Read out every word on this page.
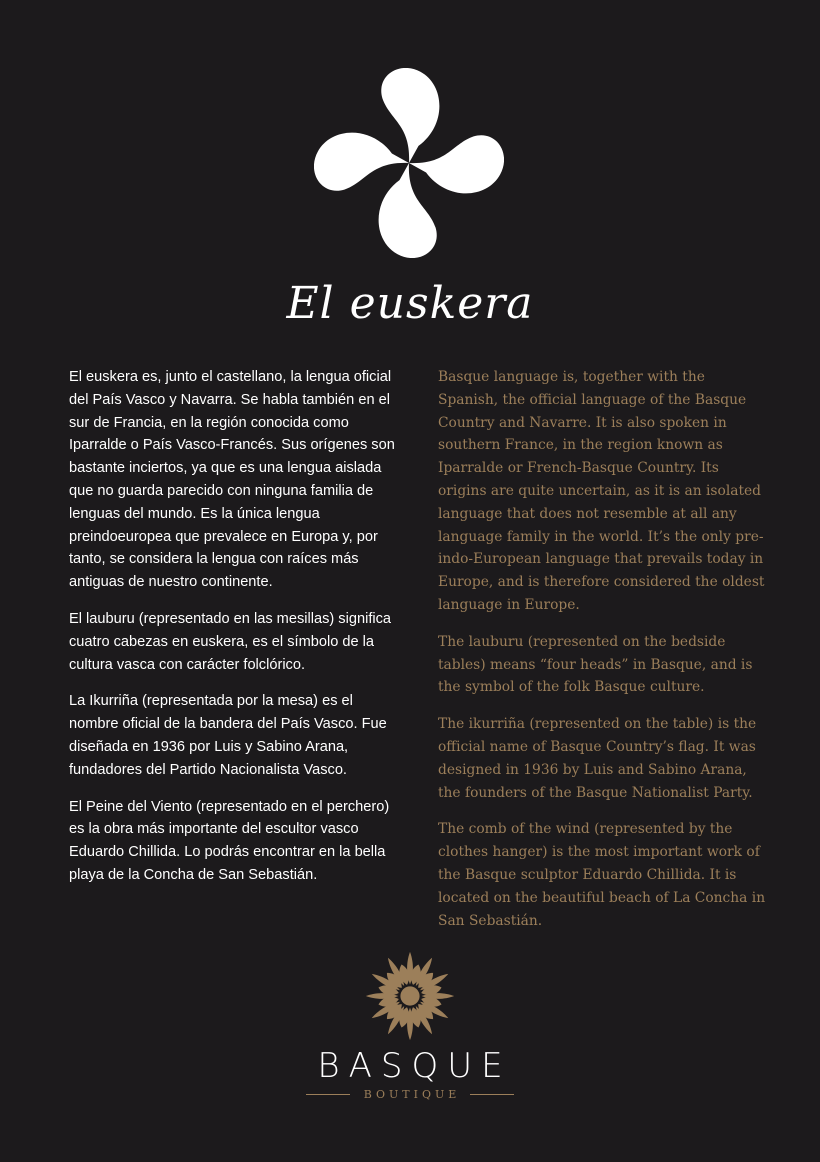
El euskera

El euskera es, junto el castellano, la lengua oficial del País Vasco y Navarra. Se habla también en el sur de Francia, en la región conocida como Iparralde o País Vasco-Francés. Sus orígenes son bastante inciertos, ya que es una lengua aislada que no guarda parecido con ninguna familia de lenguas del mundo. Es la única lengua preindoeuropea que prevalece en Europa y, por tanto, se considera la lengua con raíces más antiguas de nuestro continente.

El lauburu (representado en las mesillas) significa cuatro cabezas en euskera, es el símbolo de la cultura vasca con carácter folclórico.

La Ikurriña (representada por la mesa) es el nombre oficial de la bandera del País Vasco. Fue diseñada en 1936 por Luis y Sabino Arana, fundadores del Partido Nacionalista Vasco.

El Peine del Viento (representado en el perchero) es la obra más importante del escultor vasco Eduardo Chillida. Lo podrás encontrar en la bella playa de la Concha de San Sebastián.

Basque language is, together with the Spanish, the official language of the Basque Country and Navarre. It is also spoken in southern France, in the region known as Iparralde or French-Basque Country. Its origins are quite uncertain, as it is an isolated language that does not resemble at all any language family in the world. It’s the only pre-indo-European language that prevails today in Europe, and is therefore considered the oldest language in Europe.

The lauburu (represented on the bedside tables) means “four heads” in Basque, and is the symbol of the folk Basque culture.

The ikurriña (represented on the table) is the official name of Basque Country’s flag. It was designed in 1936 by Luis and Sabino Arana, the founders of the Basque Nationalist Party.

The comb of the wind (represented by the clothes hanger) is the most important work of the Basque sculptor Eduardo Chillida. It is located on the beautiful beach of La Concha in San Sebastián.

BASQUE
BOUTIQUE
